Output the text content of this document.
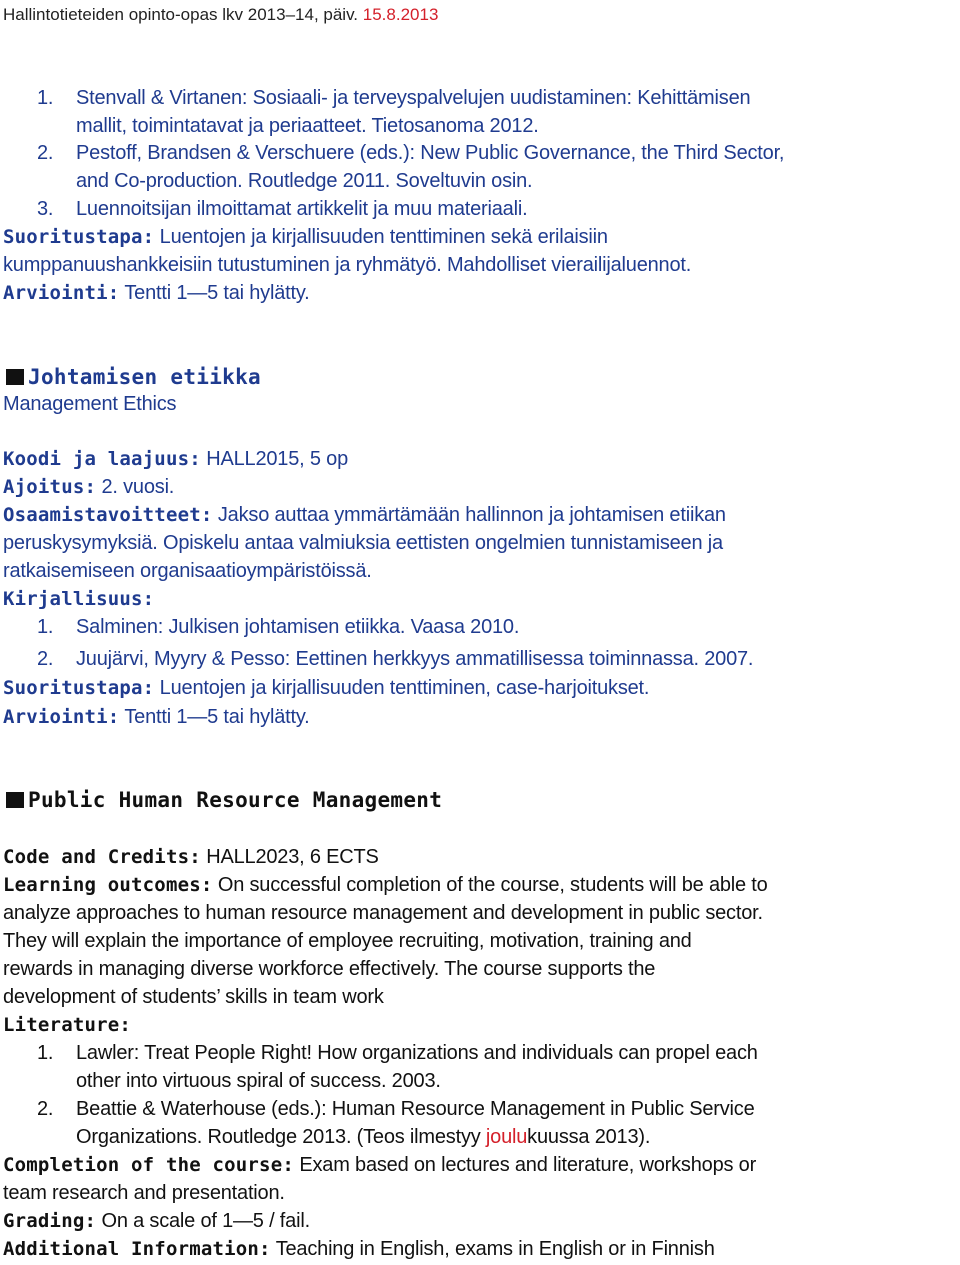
Hallintotieteiden opinto-opas lkv 2013–14, päiv. 15.8.2013
1. Stenvall & Virtanen: Sosiaali- ja terveyspalvelujen uudistaminen: Kehittämisen
mallit, toimintatavat ja periaatteet. Tietosanoma 2012.
2. Pestoff, Brandsen & Verschuere (eds.): New Public Governance, the Third Sector,
and Co-production. Routledge 2011. Soveltuvin osin.
3. Luennoitsijan ilmoittamat artikkelit ja muu materiaali.
Suoritustapa: Luentojen ja kirjallisuuden tenttiminen sekä erilaisiin
kumppanuushankkeisiin tutustuminen ja ryhmätyö. Mahdolliset vierailijaluennot.
Arviointi: Tentti 1—5 tai hylätty.
Johtamisen etiikka
Management Ethics
Koodi ja laajuus: HALL2015, 5 op
Ajoitus: 2. vuosi.
Osaamistavoitteet: Jakso auttaa ymmärtämään hallinnon ja johtamisen etiikan
peruskysymyksiä. Opiskelu antaa valmiuksia eettisten ongelmien tunnistamiseen ja
ratkaisemiseen organisaatioympäristöissä.
Kirjallisuus:
1. Salminen: Julkisen johtamisen etiikka. Vaasa 2010.
2. Juujärvi, Myyry & Pesso: Eettinen herkkyys ammatillisessa toiminnassa. 2007.
Suoritustapa: Luentojen ja kirjallisuuden tenttiminen, case-harjoitukset.
Arviointi: Tentti 1—5 tai hylätty.
Public Human Resource Management
Code and Credits: HALL2023, 6 ECTS
Learning outcomes: On successful completion of the course, students will be able to
analyze approaches to human resource management and development in public sector.
They will explain the importance of employee recruiting, motivation, training and
rewards in managing diverse workforce effectively. The course supports the
development of students’ skills in team work
Literature:
1. Lawler: Treat People Right! How organizations and individuals can propel each
other into virtuous spiral of success. 2003.
2. Beattie & Waterhouse (eds.): Human Resource Management in Public Service
Organizations. Routledge 2013. (Teos ilmestyy joulukuussa 2013).
Completion of the course: Exam based on lectures and literature, workshops or
team research and presentation.
Grading: On a scale of 1—5 / fail.
Additional Information: Teaching in English, exams in English or in Finnish
